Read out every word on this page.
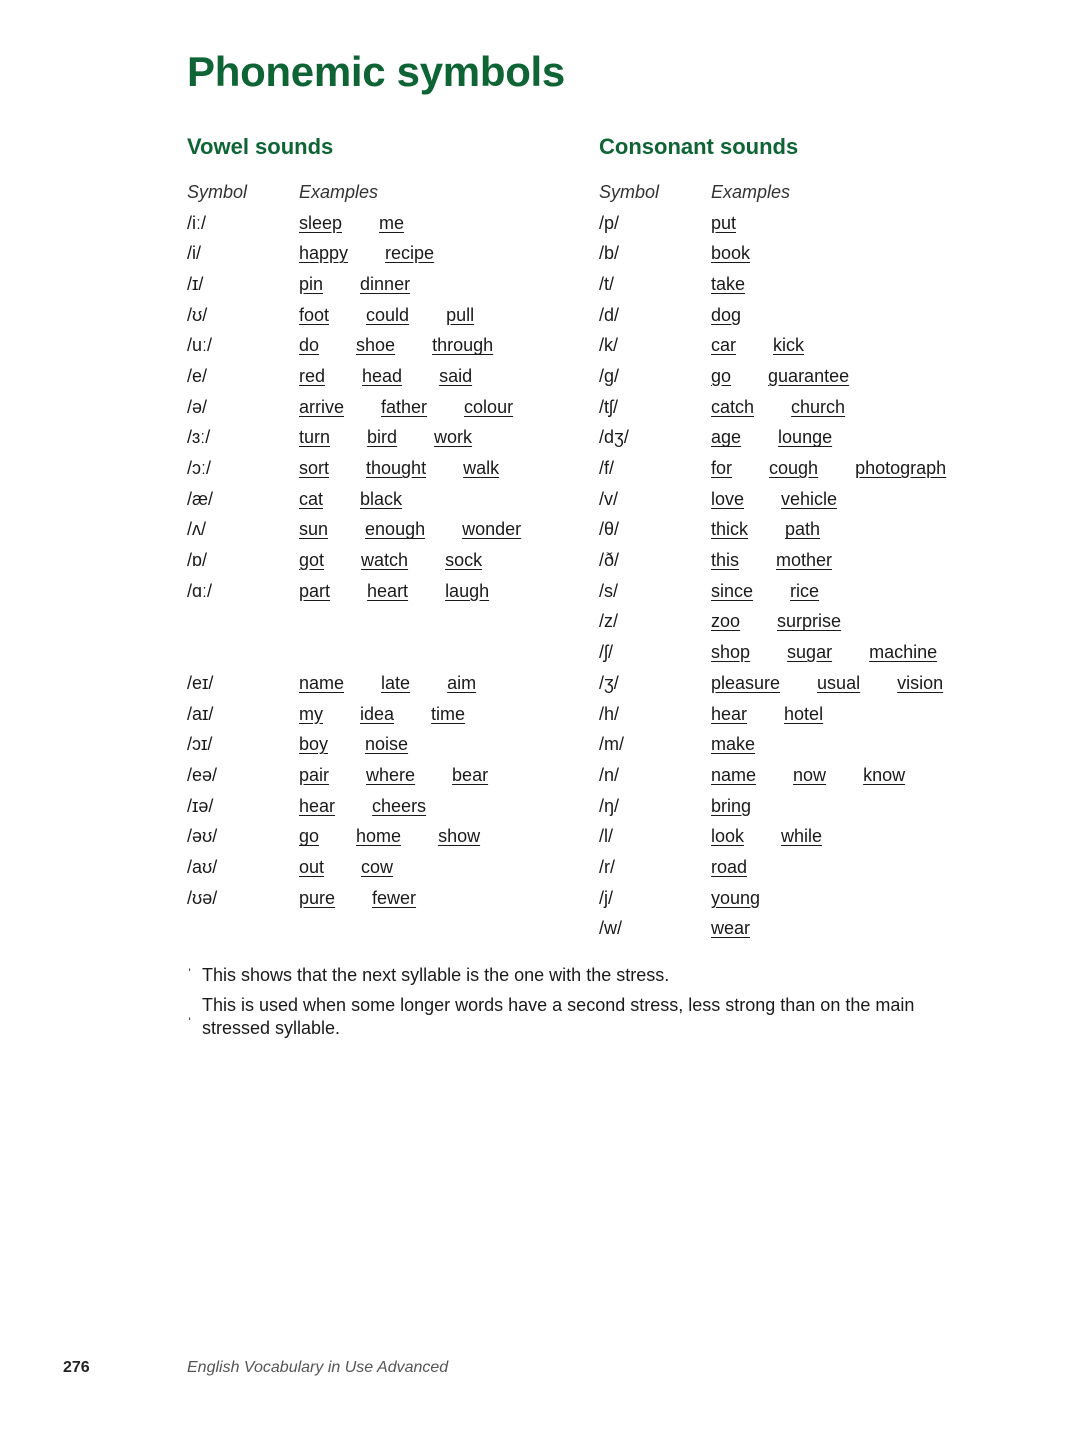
Phonemic symbols
Vowel sounds
Symbol	Examples
/iː/	sleep me
/i/	happy recipe
/ɪ/	pin dinner
/ʊ/	foot could pull
/uː/	do shoe through
/e/	red head said
/ə/	arrive father colour
/ɜː/	turn bird work
/ɔː/	sort thought walk
/æ/	cat black
/ʌ/	sun enough wonder
/ɒ/	got watch sock
/ɑː/	part heart laugh
/eɪ/	name late aim
/aɪ/	my idea time
/ɔɪ/	boy noise
/eə/	pair where bear
/ɪə/	hear cheers
/əʊ/	go home show
/aʊ/	out cow
/ʊə/	pure fewer
Consonant sounds
Symbol	Examples
/p/	put
/b/	book
/t/	take
/d/	dog
/k/	car kick
/g/	go guarantee
/tʃ/	catch church
/dʒ/	age lounge
/f/	for cough photograph
/v/	love vehicle
/θ/	thick path
/ð/	this mother
/s/	since rice
/z/	zoo surprise
/ʃ/	shop sugar machine
/ʒ/	pleasure usual vision
/h/	hear hotel
/m/	make
/n/	name now know
/ŋ/	bring
/l/	look while
/r/	road
/j/	young
/w/	wear
ˈ This shows that the next syllable is the one with the stress.
ˌ This is used when some longer words have a second stress, less strong than on the main stressed syllable.
276	English Vocabulary in Use Advanced
